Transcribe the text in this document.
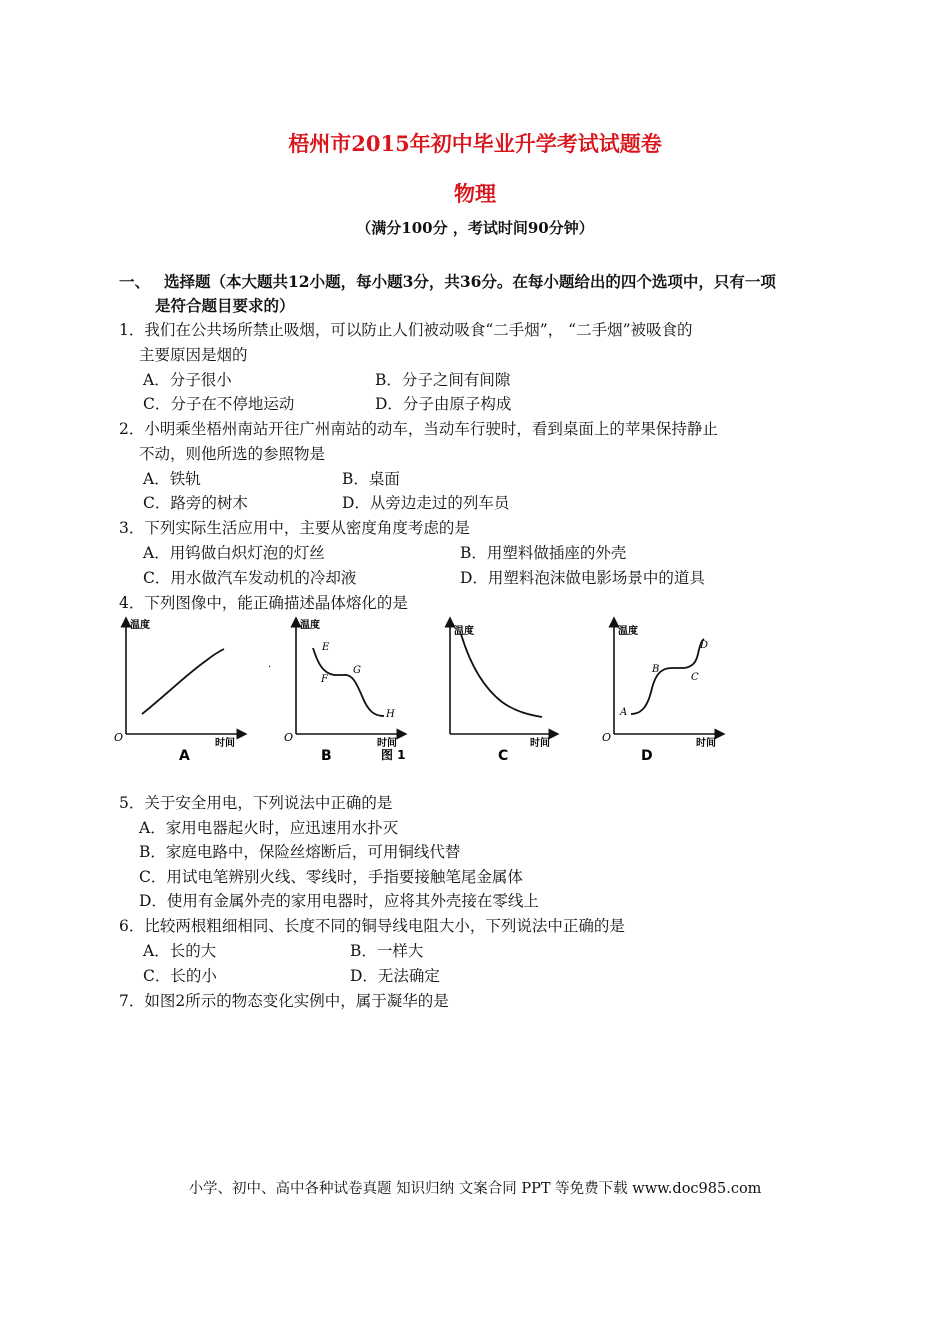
梧州市2015年初中毕业升学考试试题卷
物理
（满分100分 ，考试时间90分钟）
一、 选择题（本大题共12小题，每小题3分，共36分。在每小题给出的四个选项中，只有一项
是符合题目要求的）
1．我们在公共场所禁止吸烟，可以防止人们被动吸食“二手烟”， “二手烟”被吸食的
主要原因是烟的
A．分子很小	B．分子之间有间隙
C．分子在不停地运动	D．分子由原子构成
2．小明乘坐梧州南站开往广州南站的动车，当动车行驶时，看到桌面上的苹果保持静止
不动，则他所选的参照物是
A．铁轨	B．桌面
C．路旁的树木	D．从旁边走过的列车员
3．下列实际生活应用中，主要从密度角度考虑的是
A．用钨做白炽灯泡的灯丝	B．用塑料做插座的外壳
C．用水做汽车发动机的冷却液	D．用塑料泡沫做电影场景中的道具
4．下列图像中，能正确描述晶体熔化的是
温度
时间
O
A
·
温度
时间
O
E
F
G
H
B	图 1
温度
时间
C
温度
时间
O
A
B
C
D
D
5．关于安全用电，下列说法中正确的是
A．家用电器起火时，应迅速用水扑灭
B．家庭电路中，保险丝熔断后，可用铜线代替
C．用试电笔辨别火线、零线时，手指要接触笔尾金属体
D．使用有金属外壳的家用电器时，应将其外壳接在零线上
6．比较两根粗细相同、长度不同的铜导线电阻大小，下列说法中正确的是
A．长的大	B．一样大
C．长的小	D．无法确定
7．如图2所示的物态变化实例中，属于凝华的是
小学、初中、高中各种试卷真题 知识归纳 文案合同 PPT 等免费下载 www.doc985.com
